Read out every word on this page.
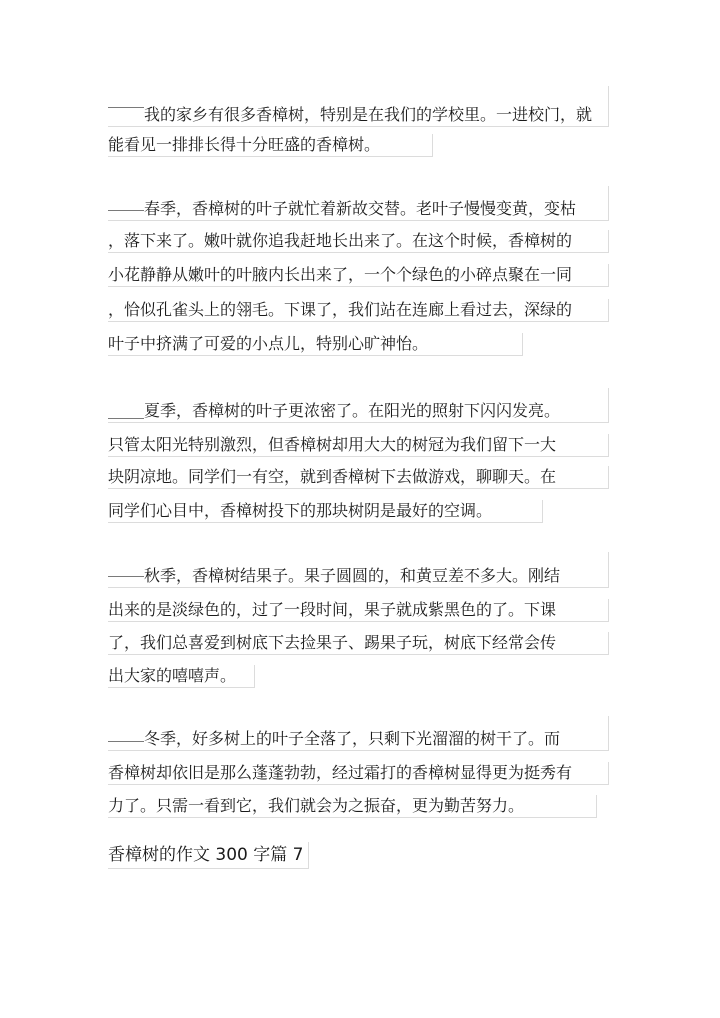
我的家乡有很多香樟树，特别是在我们的学校里。一进校门，就
能看见一排排长得十分旺盛的香樟树。
春季，香樟树的叶子就忙着新故交替。老叶子慢慢变黄，变枯
，落下来了。嫩叶就你追我赶地长出来了。在这个时候，香樟树的
小花静静从嫩叶的叶腋内长出来了，一个个绿色的小碎点聚在一同
，恰似孔雀头上的翎毛。下课了，我们站在连廊上看过去，深绿的
叶子中挤满了可爱的小点儿，特别心旷神怡。
夏季，香樟树的叶子更浓密了。在阳光的照射下闪闪发亮。
只管太阳光特别激烈，但香樟树却用大大的树冠为我们留下一大
块阴凉地。同学们一有空，就到香樟树下去做游戏，聊聊天。在
同学们心目中，香樟树投下的那块树阴是最好的空调。
秋季，香樟树结果子。果子圆圆的，和黄豆差不多大。刚结
出来的是淡绿色的，过了一段时间，果子就成紫黑色的了。下课
了，我们总喜爱到树底下去捡果子、踢果子玩，树底下经常会传
出大家的嘻嘻声。
冬季，好多树上的叶子全落了，只剩下光溜溜的树干了。而
香樟树却依旧是那么蓬蓬勃勃，经过霜打的香樟树显得更为挺秀有
力了。只需一看到它，我们就会为之振奋，更为勤苦努力。
香樟树的作文 300 字篇 7
